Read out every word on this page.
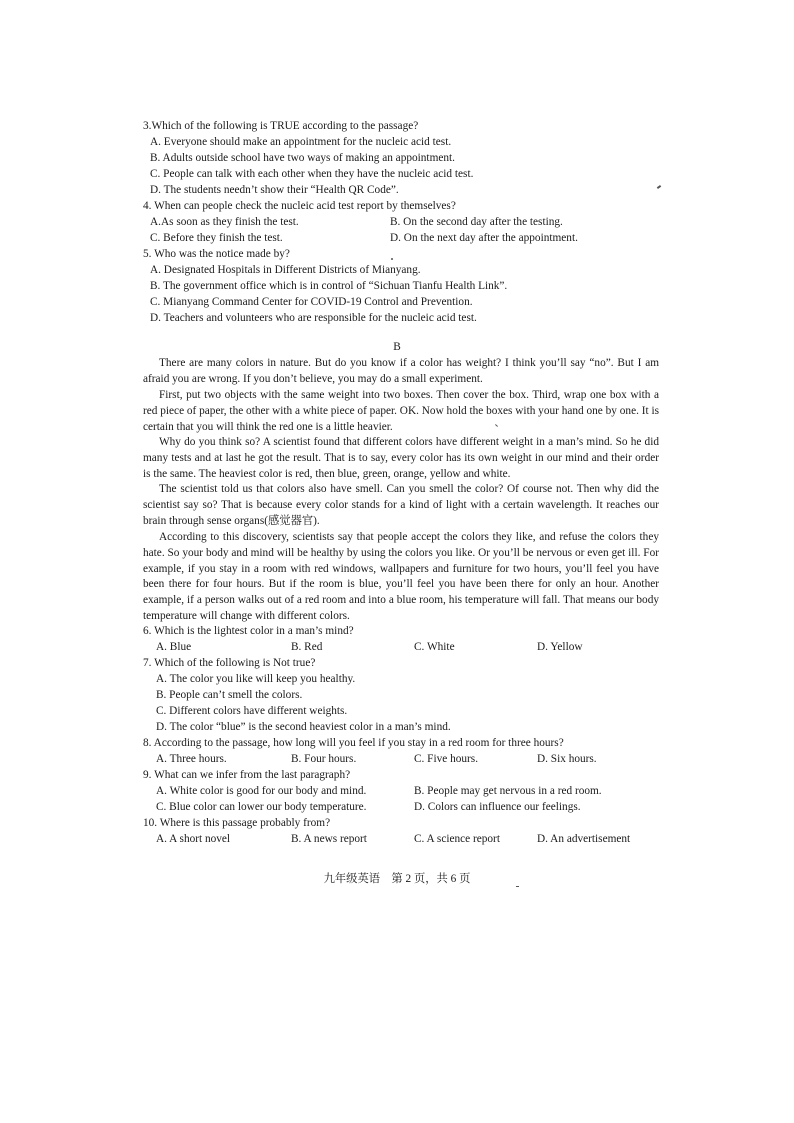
3.Which of the following is TRUE according to the passage?
A. Everyone should make an appointment for the nucleic acid test.
B. Adults outside school have two ways of making an appointment.
C. People can talk with each other when they have the nucleic acid test.
D. The students needn’t show their “Health QR Code”.
4. When can people check the nucleic acid test report by themselves?
A.As soon as they finish the test.	B. On the second day after the testing.
C. Before they finish the test.	D. On the next day after the appointment.
5. Who was the notice made by?
A. Designated Hospitals in Different Districts of Mianyang.
B. The government office which is in control of “Sichuan Tianfu Health Link”.
C. Mianyang Command Center for COVID-19 Control and Prevention.
D. Teachers and volunteers who are responsible for the nucleic acid test.
B
There are many colors in nature. But do you know if a color has weight? I think you’ll say “no”. But I am afraid you are wrong. If you don’t believe, you may do a small experiment.
First, put two objects with the same weight into two boxes. Then cover the box. Third, wrap one box with a red piece of paper, the other with a white piece of paper. OK. Now hold the boxes with your hand one by one. It is certain that you will think the red one is a little heavier.
Why do you think so? A scientist found that different colors have different weight in a man’s mind. So he did many tests and at last he got the result. That is to say, every color has its own weight in our mind and their order is the same. The heaviest color is red, then blue, green, orange, yellow and white.
The scientist told us that colors also have smell. Can you smell the color? Of course not. Then why did the scientist say so? That is because every color stands for a kind of light with a certain wavelength. It reaches our brain through sense organs(感觉器官).
According to this discovery, scientists say that people accept the colors they like, and refuse the colors they hate. So your body and mind will be healthy by using the colors you like. Or you’ll be nervous or even get ill. For example, if you stay in a room with red windows, wallpapers and furniture for two hours, you’ll feel you have been there for four hours. But if the room is blue, you’ll feel you have been there for only an hour. Another example, if a person walks out of a red room and into a blue room, his temperature will fall. That means our body temperature will change with different colors.
6. Which is the lightest color in a man’s mind?
A. Blue	B. Red	C. White	D. Yellow
7. Which of the following is Not true?
A. The color you like will keep you healthy.
B. People can’t smell the colors.
C. Different colors have different weights.
D. The color “blue” is the second heaviest color in a man’s mind.
8. According to the passage, how long will you feel if you stay in a red room for three hours?
A. Three hours.	B. Four hours.	C. Five hours.	D. Six hours.
9. What can we infer from the last paragraph?
A. White color is good for our body and mind.	B. People may get nervous in a red room.
C. Blue color can lower our body temperature.	D. Colors can influence our feelings.
10. Where is this passage probably from?
A. A short novel	B. A news report	C. A science report	D. An advertisement
九年级英语　第 2 页，共 6 页
